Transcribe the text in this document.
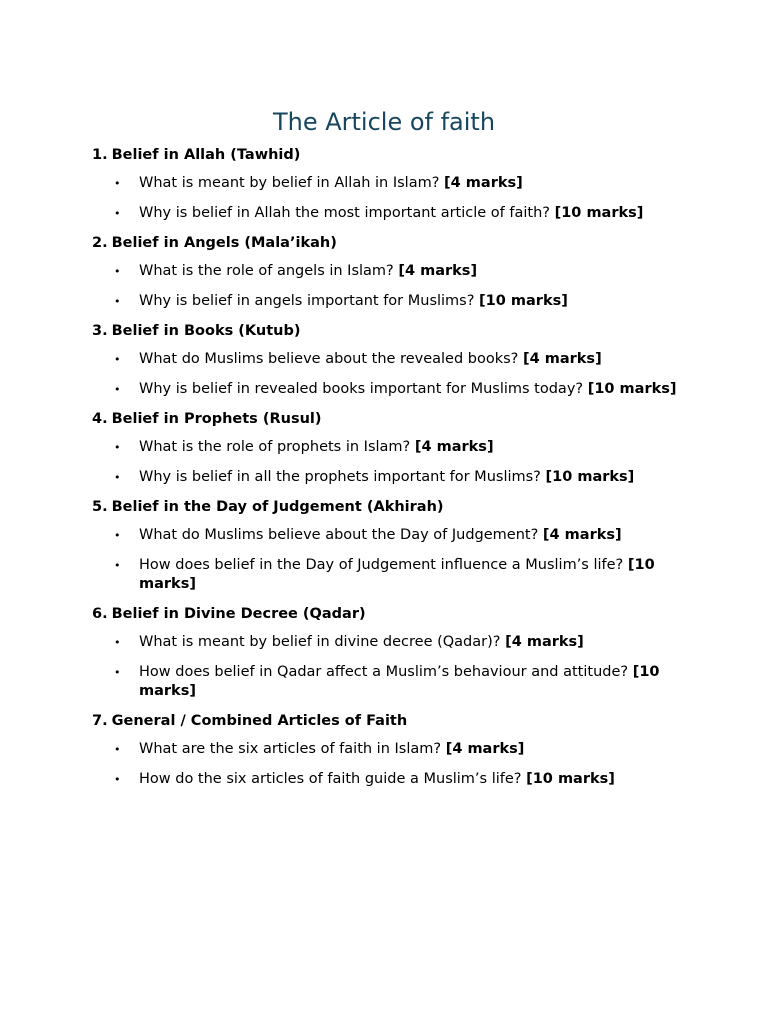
The Article of faith
1. Belief in Allah (Tawhid)
• What is meant by belief in Allah in Islam? [4 marks]
• Why is belief in Allah the most important article of faith? [10 marks]
2. Belief in Angels (Mala’ikah)
• What is the role of angels in Islam? [4 marks]
• Why is belief in angels important for Muslims? [10 marks]
3. Belief in Books (Kutub)
• What do Muslims believe about the revealed books? [4 marks]
• Why is belief in revealed books important for Muslims today? [10 marks]
4. Belief in Prophets (Rusul)
• What is the role of prophets in Islam? [4 marks]
• Why is belief in all the prophets important for Muslims? [10 marks]
5. Belief in the Day of Judgement (Akhirah)
• What do Muslims believe about the Day of Judgement? [4 marks]
• How does belief in the Day of Judgement influence a Muslim’s life? [10 marks]
6. Belief in Divine Decree (Qadar)
• What is meant by belief in divine decree (Qadar)? [4 marks]
• How does belief in Qadar affect a Muslim’s behaviour and attitude? [10 marks]
7. General / Combined Articles of Faith
• What are the six articles of faith in Islam? [4 marks]
• How do the six articles of faith guide a Muslim’s life? [10 marks]
